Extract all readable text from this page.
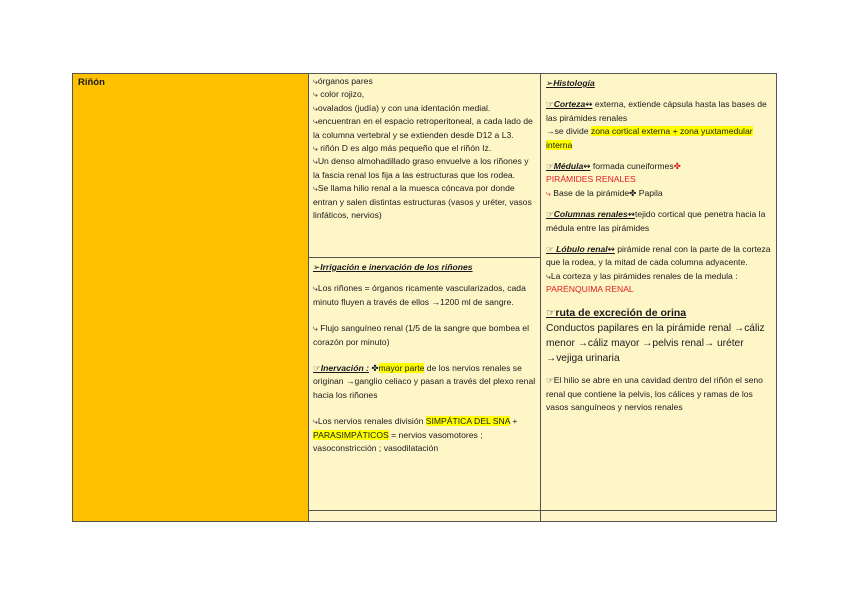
Riñón	⤷órganos pares

⤷ color rojizo,

⤷ovalados (judía) y con una identación medial.

⤷encuentran en el espacio retroperitoneal, a cada lado de la columna vertebral y se extienden desde D12 a L3.

⤷ riñón D es algo más pequeño que el riñón Iz.

⤷Un denso almohadillado graso envuelve a los riñones y la fascia renal los fija a las estructuras que los rodea.

⤷Se llama hilio renal a la muesca cóncava por donde entran y salen distintas estructuras (vasos y uréter, vasos linfáticos, nervios)

➢Irrigación e inervación de los riñones

⤷Los riñones = órganos ricamente vascularizados, cada minuto fluyen a través de ellos →1200 ml de sangre.

⤷ Flujo sanguíneo renal (1/5 de la sangre que bombea el corazón por minuto)

☞Inervación : ✤mayor parte de los nervios renales se originan →ganglio celiaco y pasan a través del plexo renal hacia los riñones

⤷Los nervios renales división SIMPÁTICA DEL SNA + PARASIMPÁTICOS = nervios vasomotores ; vasoconstricción ; vasodilatación

➢Histología

☞Corteza↭ externa, extiende cápsula hasta las bases de las pirámides renales
→se divide zona cortical externa + zona yuxtamedular interna

☞Médula↭ formada cuneiformes✤
PIRÁMIDES RENALES
⤷ Base de la pirámide✤ Papila

☞Columnas renales↭tejido cortical que penetra hacia la médula entre las pirámides

☞ Lóbulo renal↭ pirámide renal con la parte de la corteza que la rodea, y la mitad de cada columna adyacente.
⤷La corteza y las pirámides renales de la medula :
PARÉNQUIMA RENAL

☞ruta de excreción de orina

Conductos papilares en la pirámide renal →cáliz menor →cáliz mayor →pelvis renal→ uréter →vejiga urinaria

☞El hilio se abre en una cavidad dentro del riñón el seno renal que contiene la pelvis, los cálices y ramas de los vasos sanguíneos y nervios renales
